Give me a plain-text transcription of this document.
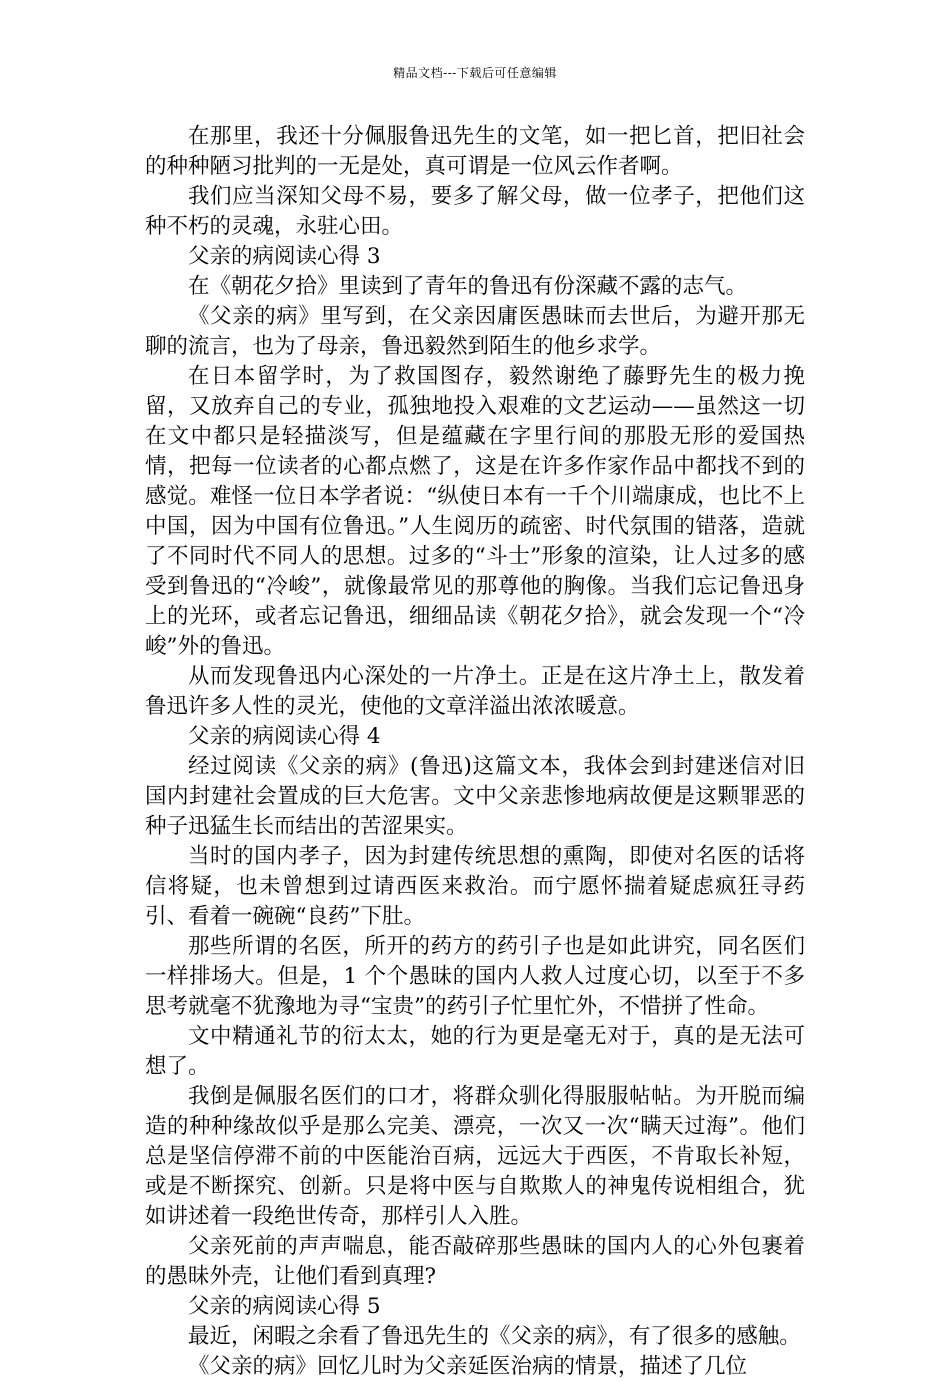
精品文档---下载后可任意编辑

在那里，我还十分佩服鲁迅先生的文笔，如一把匕首，把旧社会的种种陋习批判的一无是处，真可谓是一位风云作者啊。

我们应当深知父母不易，要多了解父母，做一位孝子，把他们这种不朽的灵魂，永驻心田。

父亲的病阅读心得 3

在《朝花夕拾》里读到了青年的鲁迅有份深藏不露的志气。

《父亲的病》里写到，在父亲因庸医愚昧而去世后，为避开那无聊的流言，也为了母亲，鲁迅毅然到陌生的他乡求学。

在日本留学时，为了救国图存，毅然谢绝了藤野先生的极力挽留，又放弃自己的专业，孤独地投入艰难的文艺运动——虽然这一切在文中都只是轻描淡写，但是蕴藏在字里行间的那股无形的爱国热情，把每一位读者的心都点燃了，这是在许多作家作品中都找不到的感觉。难怪一位日本学者说：“纵使日本有一千个川端康成，也比不上中国，因为中国有位鲁迅。”人生阅历的疏密、时代氛围的错落，造就了不同时代不同人的思想。过多的“斗士”形象的渲染，让人过多的感受到鲁迅的“冷峻”，就像最常见的那尊他的胸像。当我们忘记鲁迅身上的光环，或者忘记鲁迅，细细品读《朝花夕拾》，就会发现一个“冷峻”外的鲁迅。

从而发现鲁迅内心深处的一片净土。正是在这片净土上，散发着鲁迅许多人性的灵光，使他的文章洋溢出浓浓暖意。

父亲的病阅读心得 4

经过阅读《父亲的病》(鲁迅)这篇文本，我体会到封建迷信对旧国内封建社会置成的巨大危害。文中父亲悲惨地病故便是这颗罪恶的种子迅猛生长而结出的苦涩果实。

当时的国内孝子，因为封建传统思想的熏陶，即使对名医的话将信将疑，也未曾想到过请西医来救治。而宁愿怀揣着疑虑疯狂寻药引、看着一碗碗“良药”下肚。

那些所谓的名医，所开的药方的药引子也是如此讲究，同名医们一样排场大。但是，1 个个愚昧的国内人救人过度心切，以至于不多思考就毫不犹豫地为寻“宝贵”的药引子忙里忙外，不惜拼了性命。

文中精通礼节的衍太太，她的行为更是毫无对于，真的是无法可想了。

我倒是佩服名医们的口才，将群众驯化得服服帖帖。为开脱而编造的种种缘故似乎是那么完美、漂亮，一次又一次“瞒天过海”。他们总是坚信停滞不前的中医能治百病，远远大于西医，不肯取长补短，或是不断探究、创新。只是将中医与自欺欺人的神鬼传说相组合，犹如讲述着一段绝世传奇，那样引人入胜。

父亲死前的声声喘息，能否敲碎那些愚昧的国内人的心外包裹着的愚昧外壳，让他们看到真理?

父亲的病阅读心得 5

最近，闲暇之余看了鲁迅先生的《父亲的病》，有了很多的感触。

《父亲的病》回忆儿时为父亲延医治病的情景，描述了几位
